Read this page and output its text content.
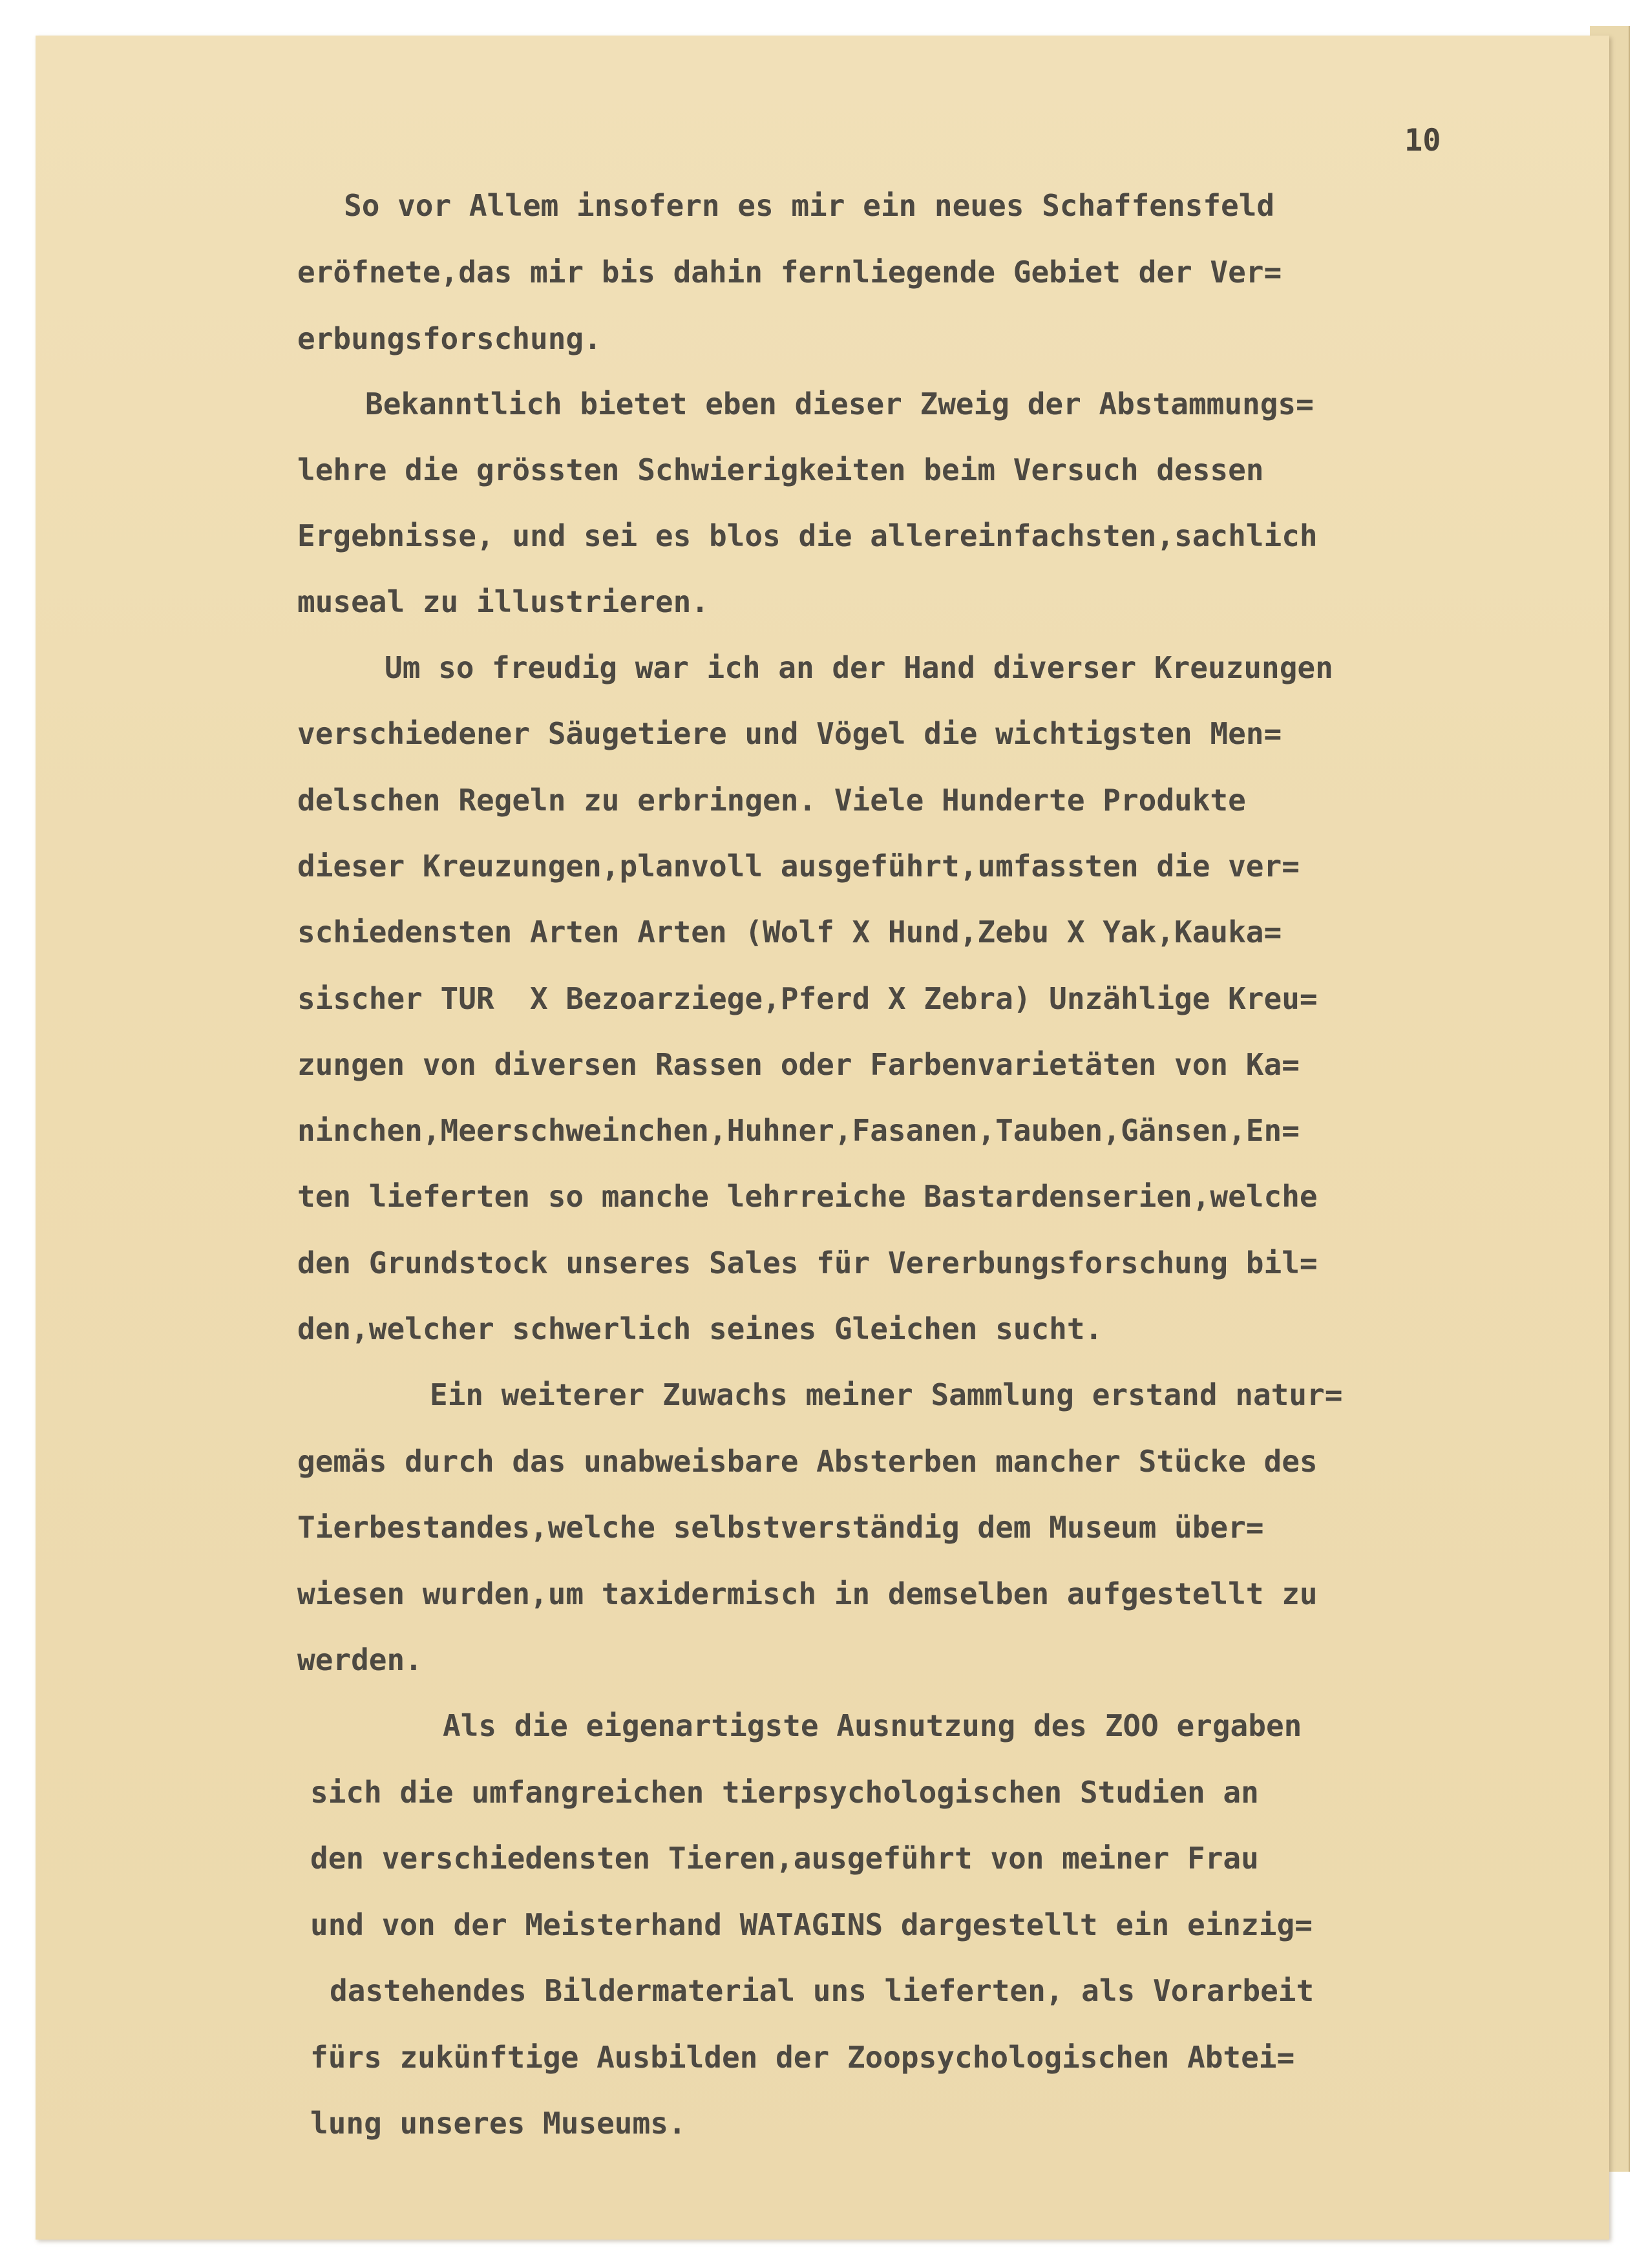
10
So vor Allem insofern es mir ein neues Schaffensfeld
eröfnete,das mir bis dahin fernliegende Gebiet der Ver=
erbungsforschung.
Bekanntlich bietet eben dieser Zweig der Abstammungs=
lehre die grössten Schwierigkeiten beim Versuch dessen
Ergebnisse, und sei es blos die allereinfachsten,sachlich
museal zu illustrieren.
Um so freudig war ich an der Hand diverser Kreuzungen
verschiedener Säugetiere und Vögel die wichtigsten Men=
delschen Regeln zu erbringen. Viele Hunderte Produkte
dieser Kreuzungen,planvoll ausgeführt,umfassten die ver=
schiedensten Arten Arten (Wolf X Hund,Zebu X Yak,Kauka=
sischer TUR  X Bezoarziege,Pferd X Zebra) Unzählige Kreu=
zungen von diversen Rassen oder Farbenvarietäten von Ka=
ninchen,Meerschweinchen,Huhner,Fasanen,Tauben,Gänsen,En=
ten lieferten so manche lehrreiche Bastardenserien,welche
den Grundstock unseres Sales für Vererbungsforschung bil=
den,welcher schwerlich seines Gleichen sucht.
Ein weiterer Zuwachs meiner Sammlung erstand natur=
gemäs durch das unabweisbare Absterben mancher Stücke des
Tierbestandes,welche selbstverständig dem Museum über=
wiesen wurden,um taxidermisch in demselben aufgestellt zu
werden.
Als die eigenartigste Ausnutzung des ZOO ergaben
sich die umfangreichen tierpsychologischen Studien an
den verschiedensten Tieren,ausgeführt von meiner Frau
und von der Meisterhand WATAGINS dargestellt ein einzig=
dastehendes Bildermaterial uns lieferten, als Vorarbeit
fürs zukünftige Ausbilden der Zoopsychologischen Abtei=
lung unseres Museums.
